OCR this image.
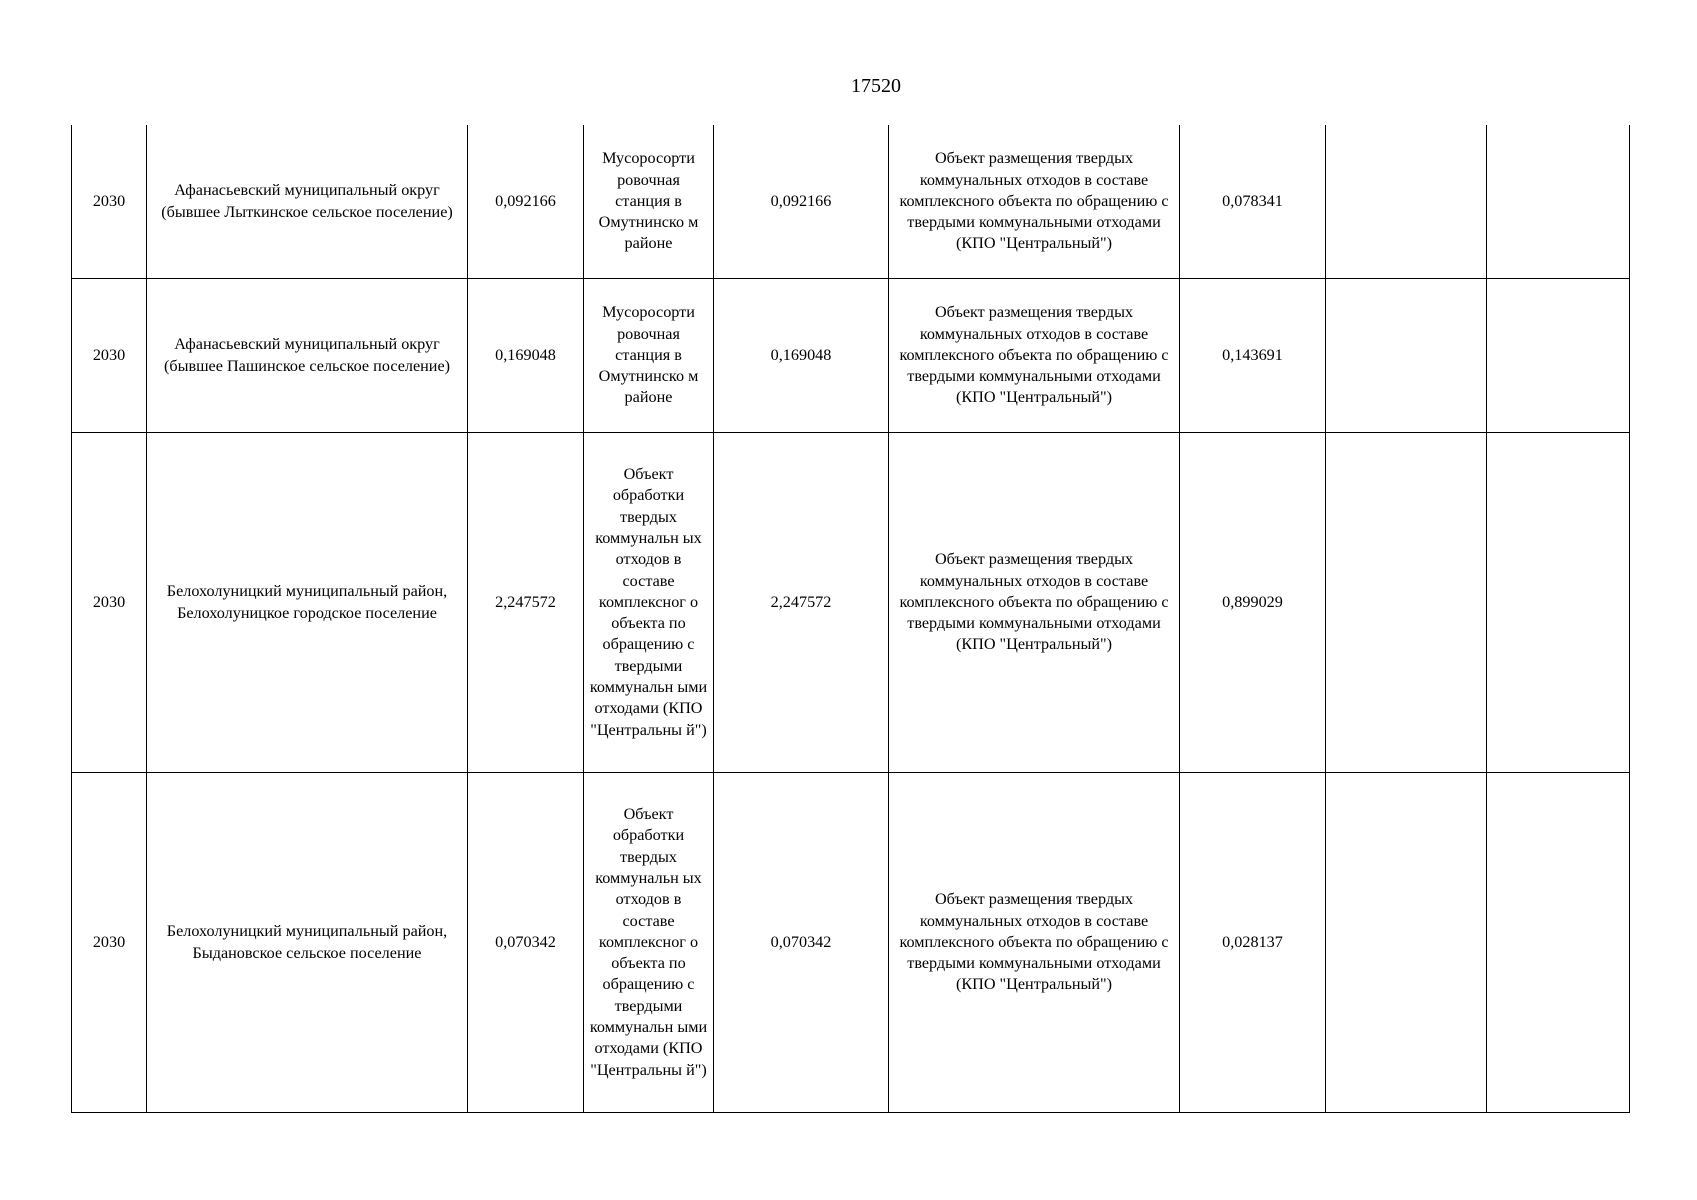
17520
2030	Афанасьевский муниципальный округ (бывшее Лыткинское сельское поселение)	0,092166	Мусоросорти ровочная станция в Омутнинско м районе	0,092166	Объект размещения твердых коммунальных отходов в составе комплексного объекта по обращению с твердыми коммунальными отходами (КПО "Центральный")	0,078341		
2030	Афанасьевский муниципальный округ (бывшее Пашинское сельское поселение)	0,169048	Мусоросорти ровочная станция в Омутнинско м районе	0,169048	Объект размещения твердых коммунальных отходов в составе комплексного объекта по обращению с твердыми коммунальными отходами (КПО "Центральный")	0,143691		
2030	Белохолуницкий муниципальный район, Белохолуницкое городское поселение	2,247572	Объект обработки твердых коммунальн ых отходов в составе комплексног о объекта по обращению с твердыми коммунальн ыми отходами (КПО "Центральны й")	2,247572	Объект размещения твердых коммунальных отходов в составе комплексного объекта по обращению с твердыми коммунальными отходами (КПО "Центральный")	0,899029		
2030	Белохолуницкий муниципальный район, Быдановское сельское поселение	0,070342	Объект обработки твердых коммунальн ых отходов в составе комплексног о объекта по обращению с твердыми коммунальн ыми отходами (КПО "Центральны й")	0,070342	Объект размещения твердых коммунальных отходов в составе комплексного объекта по обращению с твердыми коммунальными отходами (КПО "Центральный")	0,028137		
